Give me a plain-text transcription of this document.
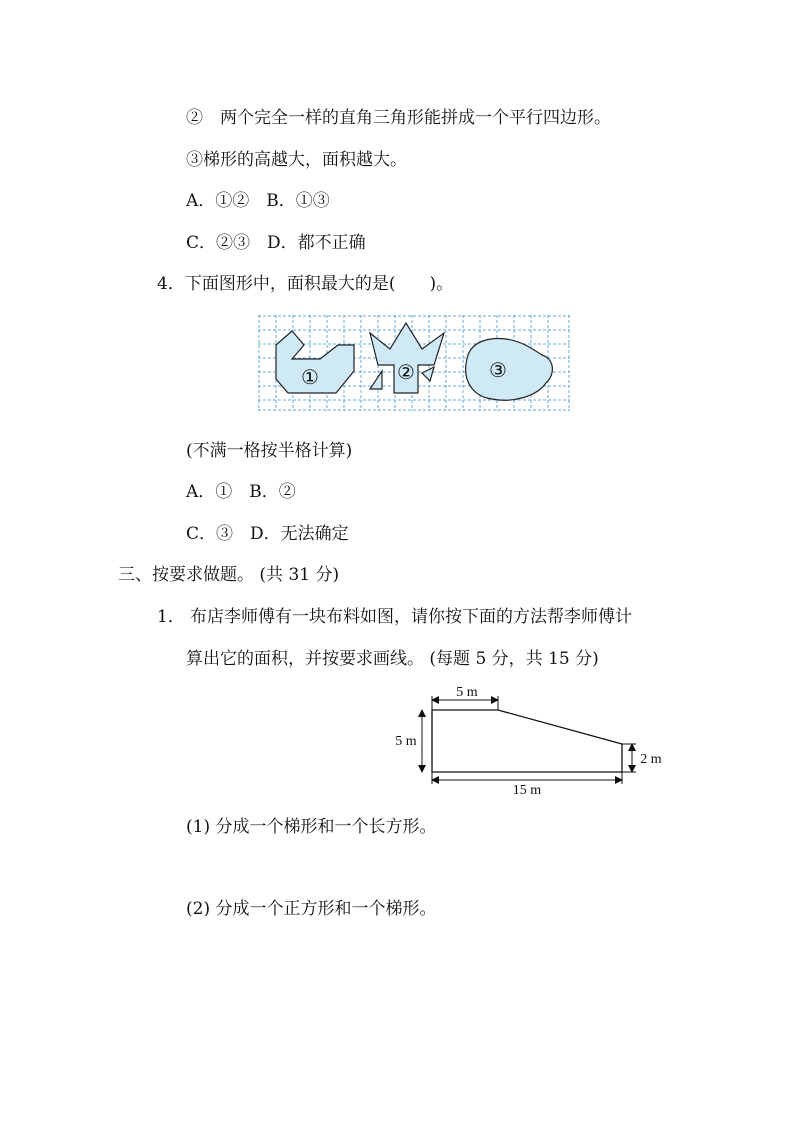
②　两个完全一样的直角三角形能拼成一个平行四边形。
③梯形的高越大，面积越大。
A．①②　B．①③
C．②③　D．都不正确
4．下面图形中，面积最大的是(　　)。
①	②	③
(不满一格按半格计算)
A．①　B．②
C．③　D．无法确定
三、按要求做题。 (共 31 分)
1． 布店李师傅有一块布料如图，请你按下面的方法帮李师傅计
算出它的面积，并按要求画线。 (每题 5 分，共 15 分)
5 m
5 m
2 m
15 m
(1) 分成一个梯形和一个长方形。
(2) 分成一个正方形和一个梯形。
